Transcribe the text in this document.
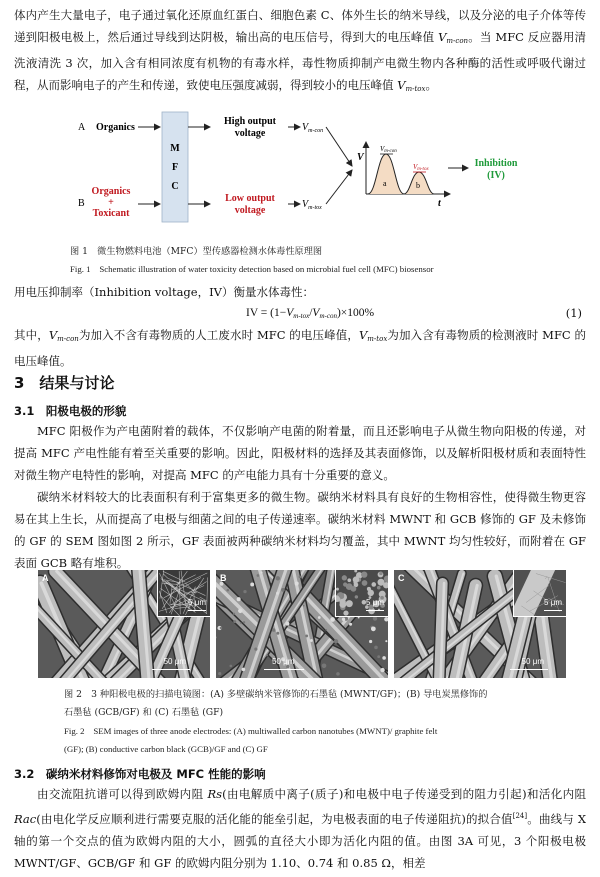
体内产生大量电子，电子通过氧化还原血红蛋白、细胞色素 C、体外生长的纳米导线，以及分泌的电子介体等传递到阳极电极上，然后通过导线到达阴极，输出高的电压信号，得到大的电压峰值 $V_{m-con}$。当 MFC 反应器用清洗液清洗 3 次，加入含有相同浓度有机物的有毒水样，毒性物质抑制产电微生物内各种酶的活性或呼吸代谢过程，从而影响电子的产生和传递，致使电压强度减弱，得到较小的电压峰值 $V_{m-tox}$。

A Organics
B
Organics
+
Toxicant
M
F
C
High output
voltage
$V_{m-con}$
Low output
voltage
$V_{m-tox}$
V
t
Vm-con
Vm-tox
a	b
Inhibition
(IV)

图 1　微生物燃料电池（MFC）型传感器检测水体毒性原理图

Fig. 1　Schematic illustration of water toxicity detection based on microbial fuel cell (MFC) biosensor

用电压抑制率（Inhibition voltage，IV）衡量水体毒性：

IV = $(1-V_{m-tox}/V_{m-con})\times 100\%$	(1)

其中，$V_{m-con}$为加入不含有毒物质的人工废水时 MFC 的电压峰值，$V_{m-tox}$为加入含有毒物质的检测液时 MFC 的电压峰值。

3　结果与讨论
3.1　阳极电极的形貌

MFC 阳极作为产电菌附着的载体，不仅影响产电菌的附着量，而且还影响电子从微生物向阳极的传递，对提高 MFC 产电性能有着至关重要的影响。因此，阳极材料的选择及其表面修饰，以及解析阳极材质和表面特性对微生物产电特性的影响，对提高 MFC 的产电能力具有十分重要的意义。

碳纳米材料较大的比表面积有利于富集更多的微生物。碳纳米材料具有良好的生物相容性，使得微生物更容易在其上生长，从而提高了电极与细菌之间的电子传递速率。碳纳米材料 MWNT 和 GCB 修饰的 GF 及未修饰的 GF 的 SEM 图如图 2 所示，GF 表面被两种碳纳米材料均匀覆盖，其中 MWNT 均匀性较好，而附着在 GF 表面 GCB 略有堆积。

A
5 μm
50 μm
B
5 μm
50 μm
C
5 μm
50 μm

图 2　3 种阳极电极的扫描电镜图：(A) 多壁碳纳米管修饰的石墨毡 (MWNT/GF)；(B) 导电炭黑修饰的

石墨毡 (GCB/GF) 和 (C) 石墨毡 (GF)

Fig. 2　SEM images of three anode electrodes: (A) multiwalled carbon nanotubes (MWNT)/ graphite felt

(GF); (B) conductive carbon black (GCB)/GF and (C) GF

3.2　碳纳米材料修饰对电极及 MFC 性能的影响

由交流阻抗谱可以得到欧姆内阻 Rs(由电解质中离子(质子)和电极中电子传递受到的阻力引起)和活化内阻 Rac(由电化学反应顺利进行需要克服的活化能的能垒引起，为电极表面的电子传递阻抗)的拟合值[24]。曲线与 X 轴的第一个交点的值为欧姆内阻的大小，圆弧的直径大小即为活化内阻的值。由图 3A 可见，3 个阳极电极 MWNT/GF、GCB/GF 和 GF 的欧姆内阻分别为 1.10、0.74 和 0.85 Ω，相差
